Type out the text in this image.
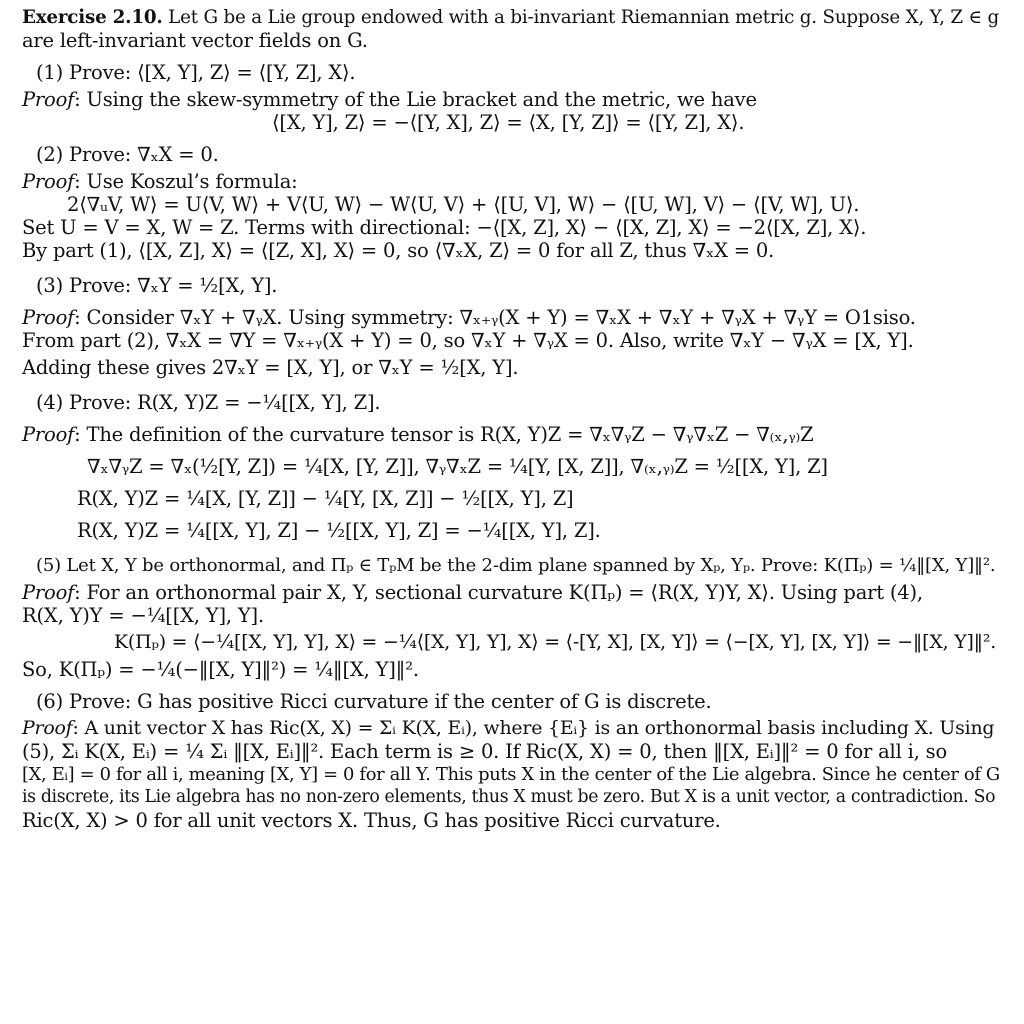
Exercise 2.10. Let G be a Lie group endowed with a bi-invariant Riemannian metric g. Suppose X, Y, Z ∈ g
are left-invariant vector fields on G.
(1) Prove: ⟨[X, Y], Z⟩ = ⟨[Y, Z], X⟩.
Proof: Using the skew-symmetry of the Lie bracket and the metric, we have
⟨[X, Y], Z⟩ = −⟨[Y, X], Z⟩ = ⟨X, [Y, Z]⟩ = ⟨[Y, Z], X⟩.
(2) Prove: ∇ₓX = 0.
Proof: Use Koszul’s formula:
2⟨∇ᵤV, W⟩ = U⟨V, W⟩ + V⟨U, W⟩ − W⟨U, V⟩ + ⟨[U, V], W⟩ − ⟨[U, W], V⟩ − ⟨[V, W], U⟩.
Set U = V = X, W = Z. Terms with directional: −⟨[X, Z], X⟩ − ⟨[X, Z], X⟩ = −2⟨[X, Z], X⟩.
By part (1), ⟨[X, Z], X⟩ = ⟨[Z, X], X⟩ = 0, so ⟨∇ₓX, Z⟩ = 0 for all Z, thus ∇ₓX = 0.
(3) Prove: ∇ₓY = ½[X, Y].
Proof: Consider ∇ₓY + ∇ᵧX. Using symmetry: ∇ₓ₊ᵧ(X + Y) = ∇ₓX + ∇ₓY + ∇ᵧX + ∇ᵧY = O1siso.
From part (2), ∇ₓX = ∇Y = ∇ₓ₊ᵧ(X + Y) = 0, so ∇ₓY + ∇ᵧX = 0. Also, write ∇ₓY − ∇ᵧX = [X, Y].
Adding these gives 2∇ₓY = [X, Y], or ∇ₓY = ½[X, Y].
(4) Prove: R(X, Y)Z = −¼[[X, Y], Z].
Proof: The definition of the curvature tensor is R(X, Y)Z = ∇ₓ∇ᵧZ − ∇ᵧ∇ₓZ − ∇₍ₓ,ᵧ₎Z
∇ₓ∇ᵧZ = ∇ₓ(½[Y, Z]) = ¼[X, [Y, Z]], ∇ᵧ∇ₓZ = ¼[Y, [X, Z]], ∇₍ₓ,ᵧ₎Z = ½[[X, Y], Z]
R(X, Y)Z = ¼[X, [Y, Z]] − ¼[Y, [X, Z]] − ½[[X, Y], Z]
R(X, Y)Z = ¼[[X, Y], Z] − ½[[X, Y], Z] = −¼[[X, Y], Z].
(5) Let X, Y be orthonormal, and Πₚ ∈ TₚM be the 2-dim plane spanned by Xₚ, Yₚ. Prove: K(Πₚ) = ¼‖[X, Y]‖².
Proof: For an orthonormal pair X, Y, sectional curvature K(Πₚ) = ⟨R(X, Y)Y, X⟩. Using part (4),
R(X, Y)Y = −¼[[X, Y], Y].
K(Πₚ) = ⟨−¼[[X, Y], Y], X⟩ = −¼⟨[X, Y], Y], X⟩ = ⟨-[Y, X], [X, Y]⟩ = ⟨−[X, Y], [X, Y]⟩ = −‖[X, Y]‖².
So, K(Πₚ) = −¼(−‖[X, Y]‖²) = ¼‖[X, Y]‖².
(6) Prove: G has positive Ricci curvature if the center of G is discrete.
Proof: A unit vector X has Ric(X, X) = Σᵢ K(X, Eᵢ), where {Eᵢ} is an orthonormal basis including X. Using
(5), Σᵢ K(X, Eᵢ) = ¼ Σᵢ ‖[X, Eᵢ]‖². Each term is ≥ 0. If Ric(X, X) = 0, then ‖[X, Eᵢ]‖² = 0 for all i, so
[X, Eᵢ] = 0 for all i, meaning [X, Y] = 0 for all Y. This puts X in the center of the Lie algebra. Since he center of G
is discrete, its Lie algebra has no non-zero elements, thus X must be zero. But X is a unit vector, a contradiction. So
Ric(X, X) > 0 for all unit vectors X. Thus, G has positive Ricci curvature.
